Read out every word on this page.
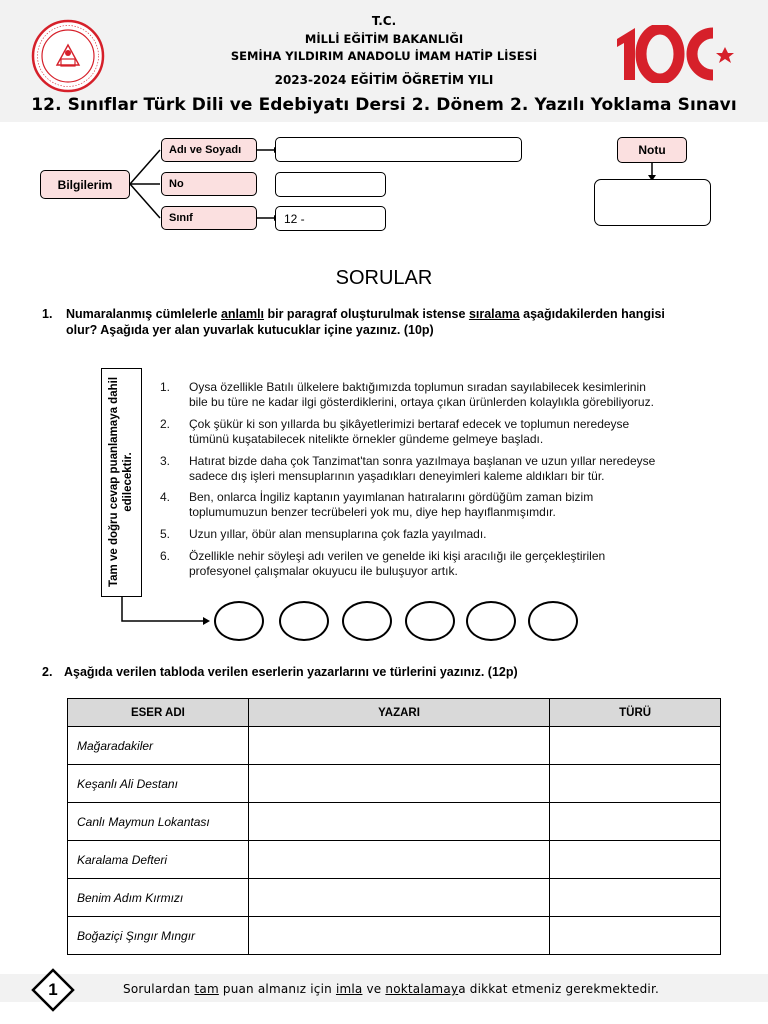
T.C.
MİLLİ EĞİTİM BAKANLIĞI
SEMİHA YILDIRIM ANADOLU İMAM HATİP LİSESİ
2023-2024 EĞİTİM ÖĞRETİM YILI
12. Sınıflar Türk Dili ve Edebiyatı Dersi 2. Dönem 2. Yazılı Yoklama Sınavı
Bilgilerim
Adı ve Soyadı
No
Sınıf	12 -
Notu
SORULAR
1. Numaralanmış cümlelerle anlamlı bir paragraf oluşturulmak istense sıralama aşağıdakilerden hangisi
olur? Aşağıda yer alan yuvarlak kutucuklar içine yazınız. (10p)
Tam ve doğru cevap puanlamaya dahil edilecektir.
1. Oysa özellikle Batılı ülkelere baktığımızda toplumun sıradan sayılabilecek kesimlerinin
bile bu türe ne kadar ilgi gösterdiklerini, ortaya çıkan ürünlerden kolaylıkla görebiliyoruz.
2. Çok şükür ki son yıllarda bu şikâyetlerimizi bertaraf edecek ve toplumun neredeyse
tümünü kuşatabilecek nitelikte örnekler gündeme gelmeye başladı.
3. Hatırat bizde daha çok Tanzimat'tan sonra yazılmaya başlanan ve uzun yıllar neredeyse
sadece dış işleri mensuplarının yaşadıkları deneyimleri kaleme aldıkları bir tür.
4. Ben, onlarca İngiliz kaptanın yayımlanan hatıralarını gördüğüm zaman bizim
toplumumuzun benzer tecrübeleri yok mu, diye hep hayıflanmışımdır.
5. Uzun yıllar, öbür alan mensuplarına çok fazla yayılmadı.
6. Özellikle nehir söyleşi adı verilen ve genelde iki kişi aracılığı ile gerçekleştirilen
profesyonel çalışmalar okuyucu ile buluşuyor artık.
2. Aşağıda verilen tabloda verilen eserlerin yazarlarını ve türlerini yazınız. (12p)
ESER ADI	YAZARI	TÜRÜ
Mağaradakiler		
Keşanlı Ali Destanı		
Canlı Maymun Lokantası		
Karalama Defteri		
Benim Adım Kırmızı		
Boğaziçi Şıngır Mıngır		
1	Sorulardan tam puan almanız için imla ve noktalamaya dikkat etmeniz gerekmektedir.
